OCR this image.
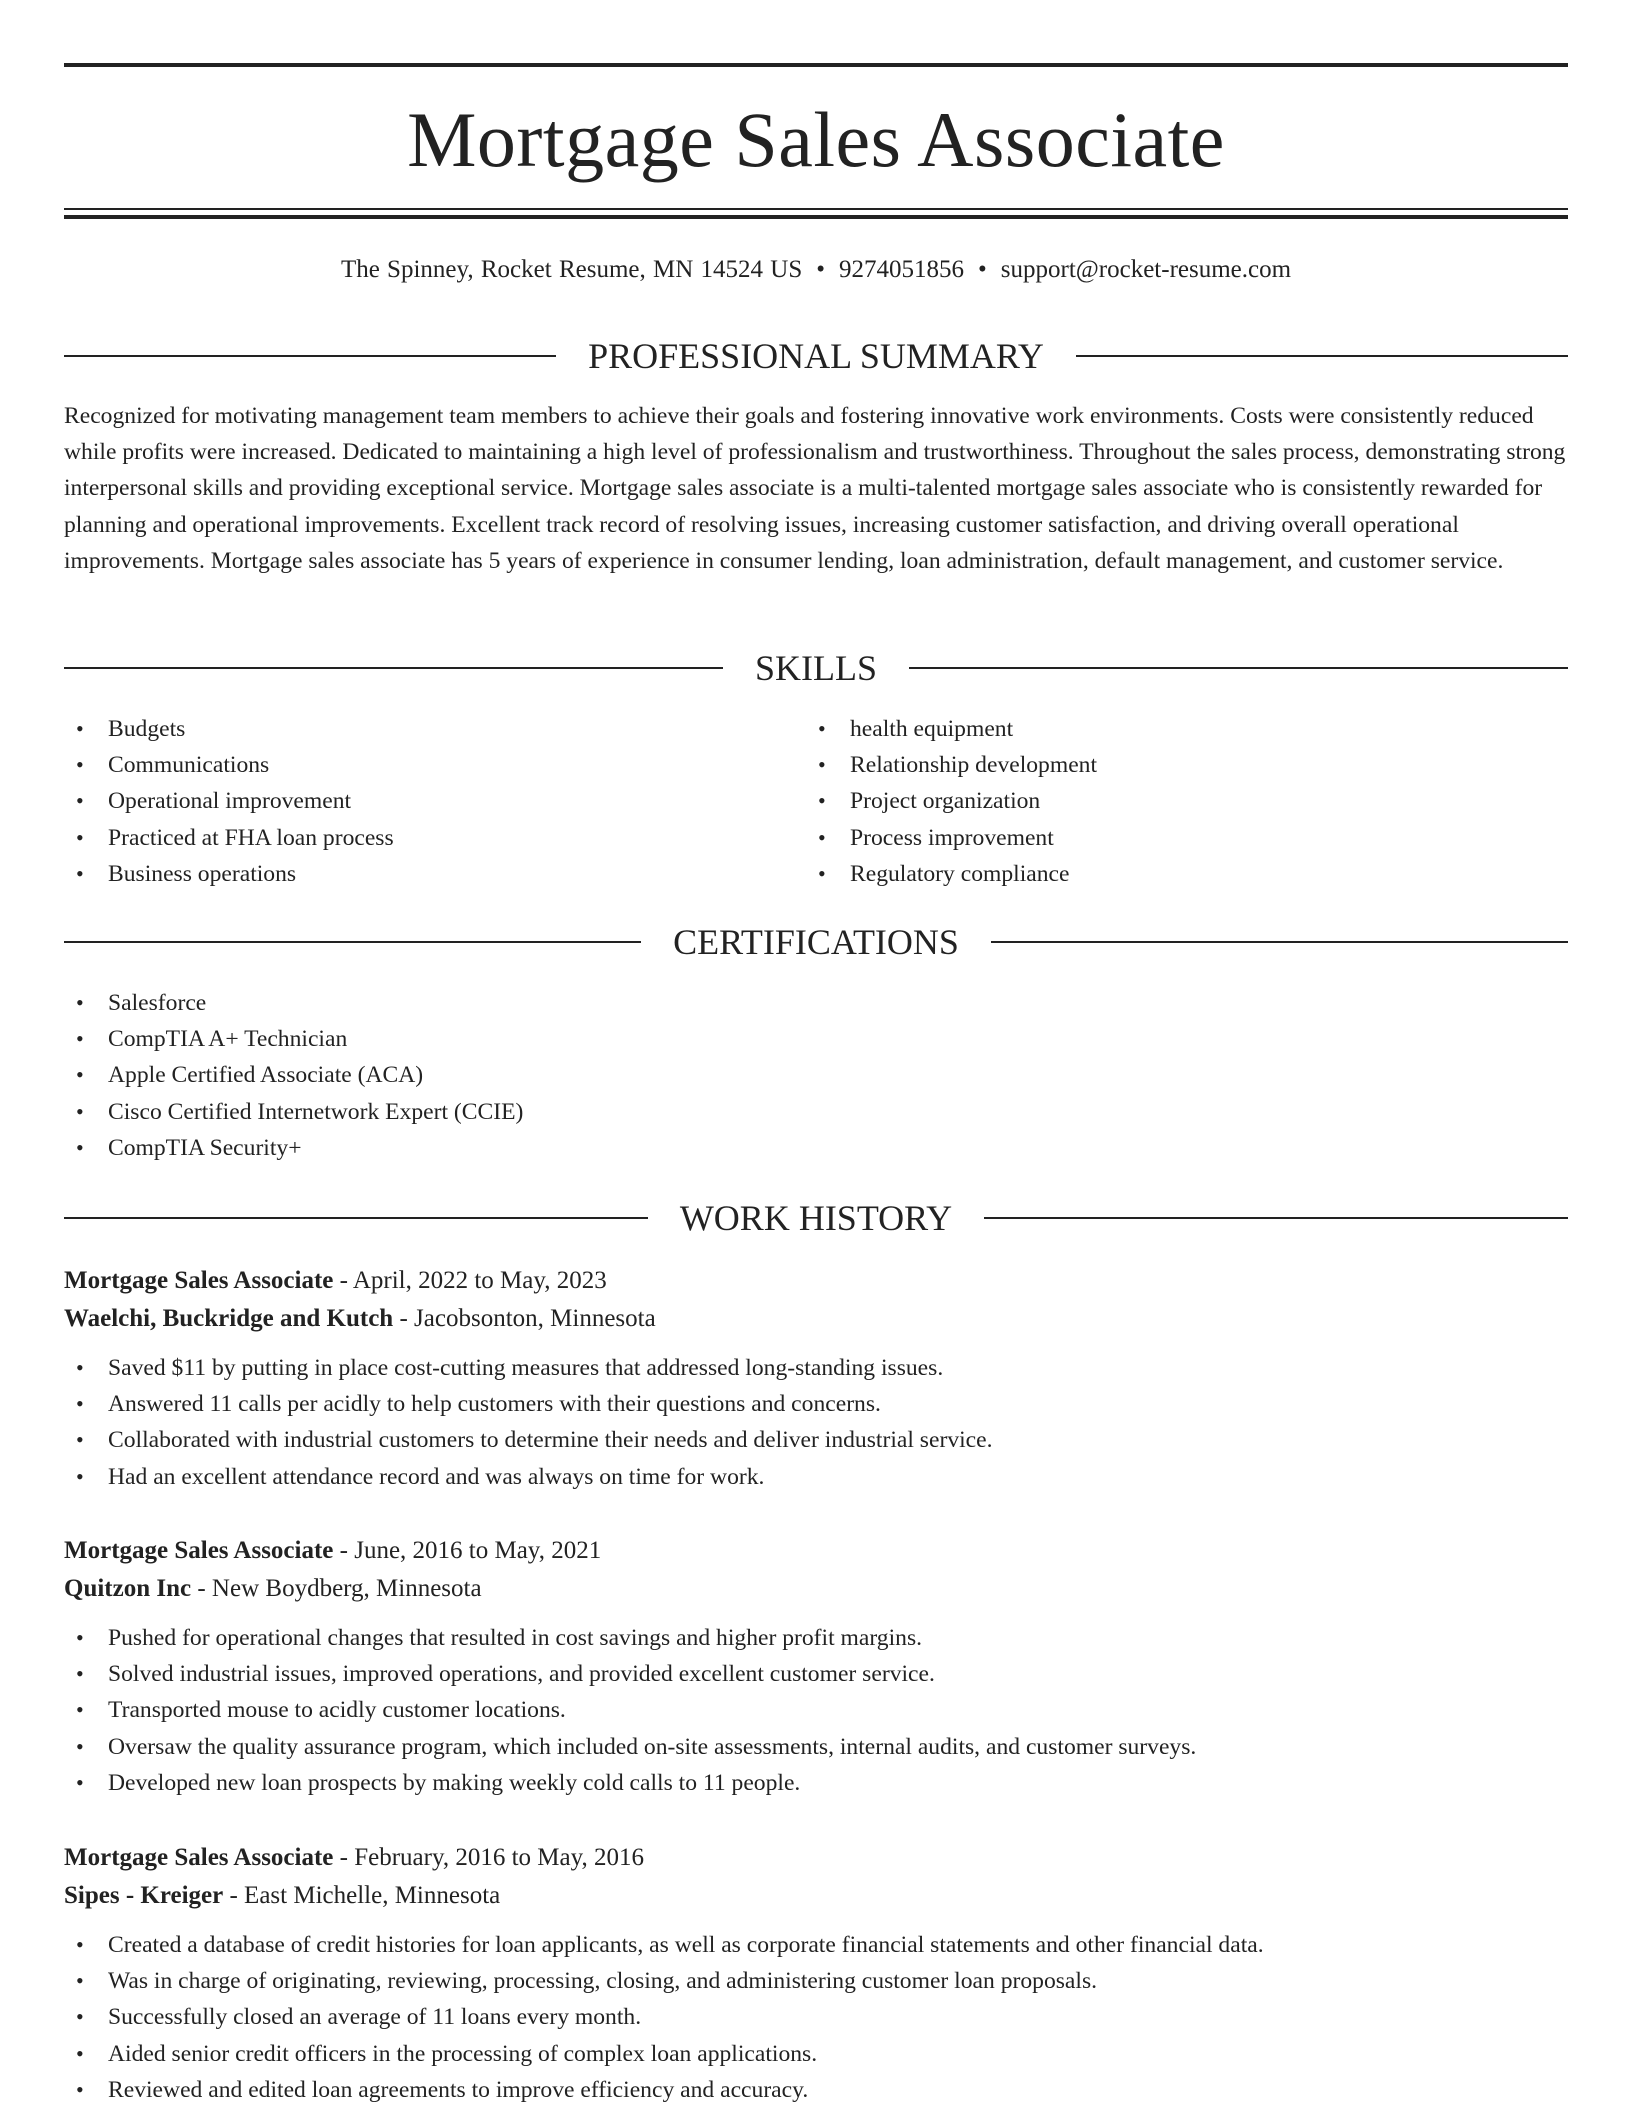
Mortgage Sales Associate
The Spinney, Rocket Resume, MN 14524 US • 9274051856 • support@rocket-resume.com
PROFESSIONAL SUMMARY
Recognized for motivating management team members to achieve their goals and fostering innovative work environments. Costs were consistently reduced while profits were increased. Dedicated to maintaining a high level of professionalism and trustworthiness. Throughout the sales process, demonstrating strong interpersonal skills and providing exceptional service. Mortgage sales associate is a multi-talented mortgage sales associate who is consistently rewarded for planning and operational improvements. Excellent track record of resolving issues, increasing customer satisfaction, and driving overall operational improvements. Mortgage sales associate has 5 years of experience in consumer lending, loan administration, default management, and customer service.
SKILLS
• Budgets
• Communications
• Operational improvement
• Practiced at FHA loan process
• Business operations
• health equipment
• Relationship development
• Project organization
• Process improvement
• Regulatory compliance
CERTIFICATIONS
• Salesforce
• CompTIA A+ Technician
• Apple Certified Associate (ACA)
• Cisco Certified Internetwork Expert (CCIE)
• CompTIA Security+
WORK HISTORY
Mortgage Sales Associate - April, 2022 to May, 2023
Waelchi, Buckridge and Kutch - Jacobsonton, Minnesota
• Saved $11 by putting in place cost-cutting measures that addressed long-standing issues.
• Answered 11 calls per acidly to help customers with their questions and concerns.
• Collaborated with industrial customers to determine their needs and deliver industrial service.
• Had an excellent attendance record and was always on time for work.
Mortgage Sales Associate - June, 2016 to May, 2021
Quitzon Inc - New Boydberg, Minnesota
• Pushed for operational changes that resulted in cost savings and higher profit margins.
• Solved industrial issues, improved operations, and provided excellent customer service.
• Transported mouse to acidly customer locations.
• Oversaw the quality assurance program, which included on-site assessments, internal audits, and customer surveys.
• Developed new loan prospects by making weekly cold calls to 11 people.
Mortgage Sales Associate - February, 2016 to May, 2016
Sipes - Kreiger - East Michelle, Minnesota
• Created a database of credit histories for loan applicants, as well as corporate financial statements and other financial data.
• Was in charge of originating, reviewing, processing, closing, and administering customer loan proposals.
• Successfully closed an average of 11 loans every month.
• Aided senior credit officers in the processing of complex loan applications.
• Reviewed and edited loan agreements to improve efficiency and accuracy.
